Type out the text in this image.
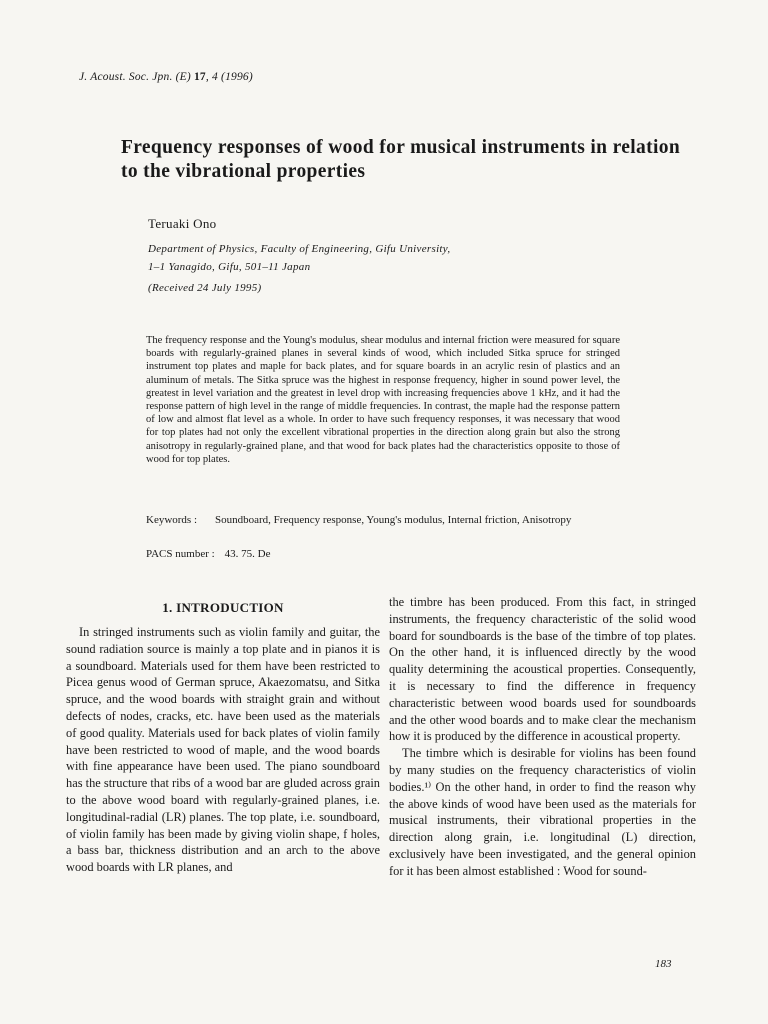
J. Acoust. Soc. Jpn. (E) 17, 4 (1996)
Frequency responses of wood for musical instruments in relation to the vibrational properties
Teruaki Ono
Department of Physics, Faculty of Engineering, Gifu University,
1–1 Yanagido, Gifu, 501–11 Japan
(Received 24 July 1995)

The frequency response and the Young's modulus, shear modulus and internal friction were measured for square boards with regularly-grained planes in several kinds of wood, which included Sitka spruce for stringed instrument top plates and maple for back plates, and for square boards in an acrylic resin of plastics and an aluminum of metals. The Sitka spruce was the highest in response frequency, higher in sound power level, the greatest in level variation and the greatest in level drop with increasing frequencies above 1 kHz, and it had the response pattern of high level in the range of middle frequencies. In contrast, the maple had the response pattern of low and almost flat level as a whole. In order to have such frequency responses, it was necessary that wood for top plates had not only the excellent vibrational properties in the direction along grain but also the strong anisotropy in regularly-grained plane, and that wood for back plates had the characteristics opposite to those of wood for top plates.

Keywords :	Soundboard, Frequency response, Young's modulus, Internal friction, Anisotropy
PACS number : 43. 75. De
1. INTRODUCTION

In stringed instruments such as violin family and guitar, the sound radiation source is mainly a top plate and in pianos it is a soundboard. Materials used for them have been restricted to Picea genus wood of German spruce, Akaezomatsu, and Sitka spruce, and the wood boards with straight grain and without defects of nodes, cracks, etc. have been used as the materials of good quality. Materials used for back plates of violin family have been restricted to wood of maple, and the wood boards with fine appearance have been used. The piano soundboard has the structure that ribs of a wood bar are gluded across grain to the above wood board with regularly-grained planes, i.e. longitudinal-radial (LR) planes. The top plate, i.e. soundboard, of violin family has been made by giving violin shape, f holes, a bass bar, thickness distribution and an arch to the above wood boards with LR planes, and

the timbre has been produced. From this fact, in stringed instruments, the frequency characteristic of the solid wood board for soundboards is the base of the timbre of top plates. On the other hand, it is influenced directly by the wood quality determining the acoustical properties. Consequently, it is necessary to find the difference in frequency characteristic between wood boards used for soundboards and the other wood boards and to make clear the mechanism how it is produced by the difference in acoustical property.

The timbre which is desirable for violins has been found by many studies on the frequency characteristics of violin bodies.¹⁾ On the other hand, in order to find the reason why the above kinds of wood have been used as the materials for musical instruments, their vibrational properties in the direction along grain, i.e. longitudinal (L) direction, exclusively have been investigated, and the general opinion for it has been almost established : Wood for sound-

183
